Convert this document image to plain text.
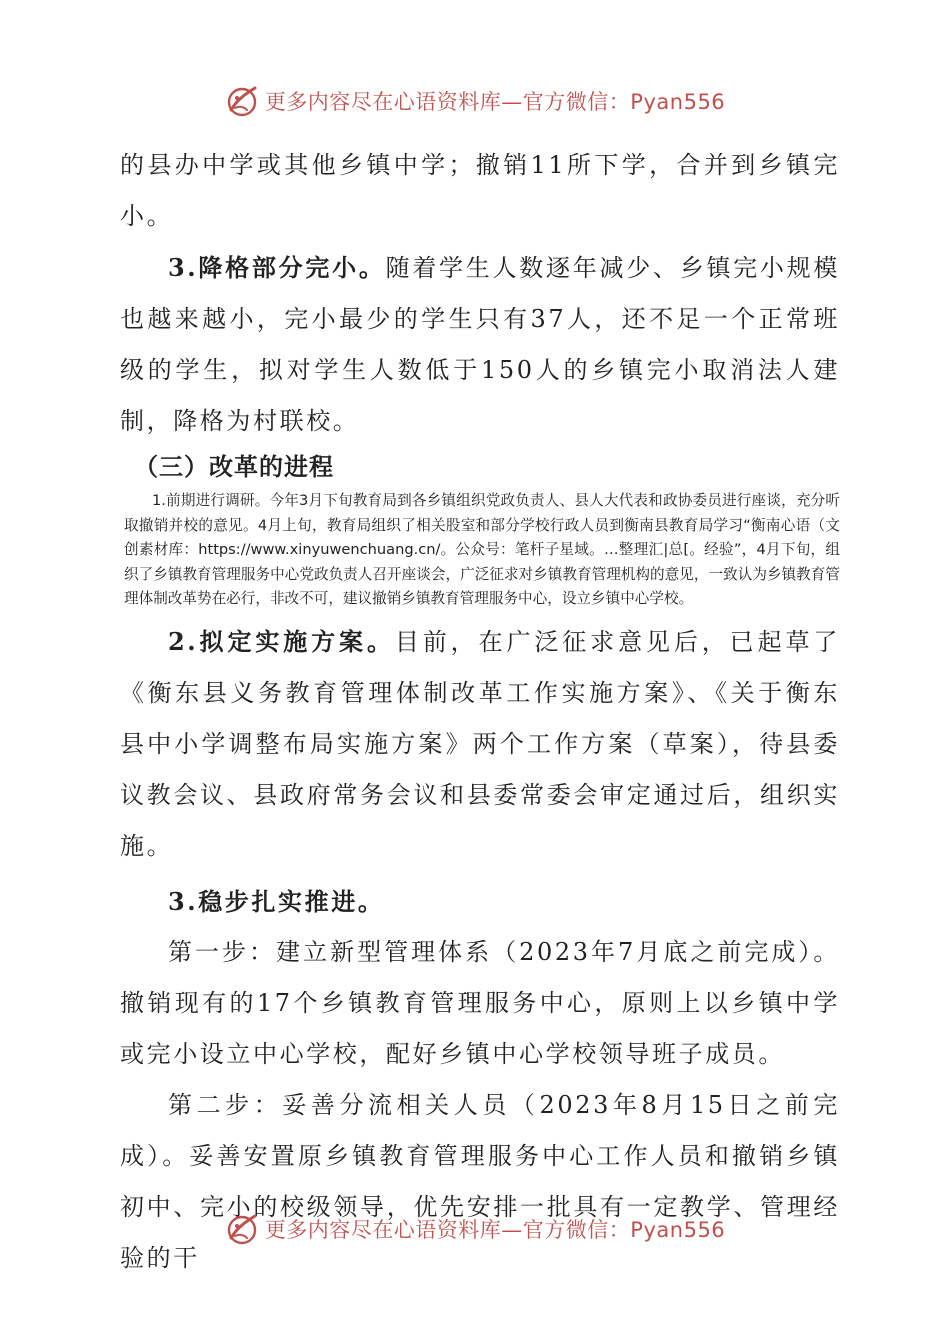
更多内容尽在心语资料库—官方微信：Pyan556

的县办中学或其他乡镇中学；撤销11所下学，合并到乡镇完小。

3.降格部分完小。随着学生人数逐年减少、乡镇完小规模也越来越小，完小最少的学生只有37人，还不足一个正常班级的学生，拟对学生人数低于150人的乡镇完小取消法人建制，降格为村联校。

（三）改革的进程

1.前期进行调研。今年3月下旬教育局到各乡镇组织党政负责人、县人大代表和政协委员进行座谈，充分听取撤销并校的意见。4月上旬，教育局组织了相关股室和部分学校行政人员到衡南县教育局学习“衡南心语（文创素材库：https://www.xinyuwenchuang.cn/。公众号：笔杆子星域。…整理汇|总[。经验”，4月下旬，组织了乡镇教育管理服务中心党政负责人召开座谈会，广泛征求对乡镇教育管理机构的意见，一致认为乡镇教育管理体制改革势在必行，非改不可，建议撤销乡镇教育管理服务中心，设立乡镇中心学校。

2.拟定实施方案。目前，在广泛征求意见后，已起草了《衡东县义务教育管理体制改革工作实施方案》、《关于衡东县中小学调整布局实施方案》两个工作方案（草案），待县委议教会议、县政府常务会议和县委常委会审定通过后，组织实施。

3.稳步扎实推进。

第一步：建立新型管理体系（2023年7月底之前完成）。撤销现有的17个乡镇教育管理服务中心，原则上以乡镇中学或完小设立中心学校，配好乡镇中心学校领导班子成员。

第二步：妥善分流相关人员（2023年8月15日之前完成）。妥善安置原乡镇教育管理服务中心工作人员和撤销乡镇初中、完小的校级领导，优先安排一批具有一定教学、管理经验的干

更多内容尽在心语资料库—官方微信：Pyan556
